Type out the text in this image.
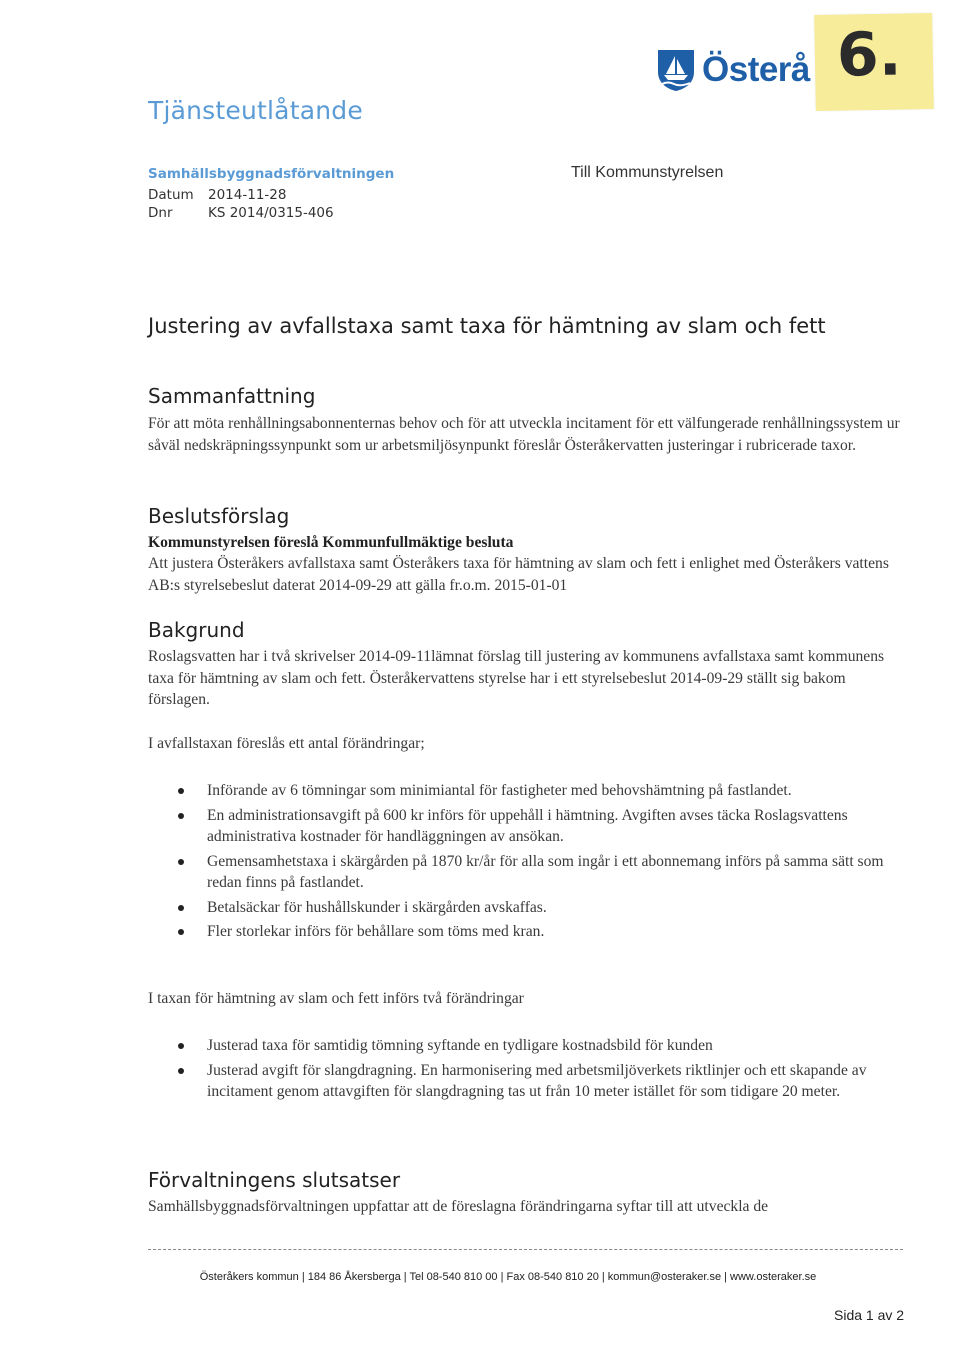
Tjänsteutlåtande
Österå 6.
Samhällsbyggnadsförvaltningen
Datum 2014-11-28
Dnr	KS 2014/0315-406
Till Kommunstyrelsen
Justering av avfallstaxa samt taxa för hämtning av slam och fett
Sammanfattning

För att möta renhållningsabonnenternas behov och för att utveckla incitament för ett välfungerade renhållningssystem ur såväl nedskräpningssynpunkt som ur arbetsmiljösynpunkt föreslår Österåkervatten justeringar i rubricerade taxor.

Beslutsförslag

Kommunstyrelsen föreslå Kommunfullmäktige besluta

Att justera Österåkers avfallstaxa samt Österåkers taxa för hämtning av slam och fett i enlighet med Österåkers vattens AB:s styrelsebeslut daterat 2014-09-29 att gälla fr.o.m. 2015-01-01

Bakgrund

Roslagsvatten har i två skrivelser 2014-09-11lämnat förslag till justering av kommunens avfallstaxa samt kommunens taxa för hämtning av slam och fett. Österåkervattens styrelse har i ett styrelsebeslut 2014-09-29 ställt sig bakom förslagen.

I avfallstaxan föreslås ett antal förändringar;

Införande av 6 tömningar som minimiantal för fastigheter med behovshämtning på fastlandet.
En administrationsavgift på 600 kr införs för uppehåll i hämtning. Avgiften avses täcka Roslagsvattens administrativa kostnader för handläggningen av ansökan.
Gemensamhetstaxa i skärgården på 1870 kr/år för alla som ingår i ett abonnemang införs på samma sätt som redan finns på fastlandet.
Betalsäckar för hushållskunder i skärgården avskaffas.
Fler storlekar införs för behållare som töms med kran.

I taxan för hämtning av slam och fett införs två förändringar

Justerad taxa för samtidig tömning syftande en tydligare kostnadsbild för kunden
Justerad avgift för slangdragning. En harmonisering med arbetsmiljöverkets riktlinjer och ett skapande av incitament genom attavgiften för slangdragning tas ut från 10 meter istället för som tidigare 20 meter.
Förvaltningens slutsatser

Samhällsbyggnadsförvaltningen uppfattar att de föreslagna förändringarna syftar till att utveckla de

Österåkers kommun | 184 86 Åkersberga | Tel 08-540 810 00 | Fax 08-540 810 20 | kommun@osteraker.se | www.osteraker.se
Sida 1 av 2
